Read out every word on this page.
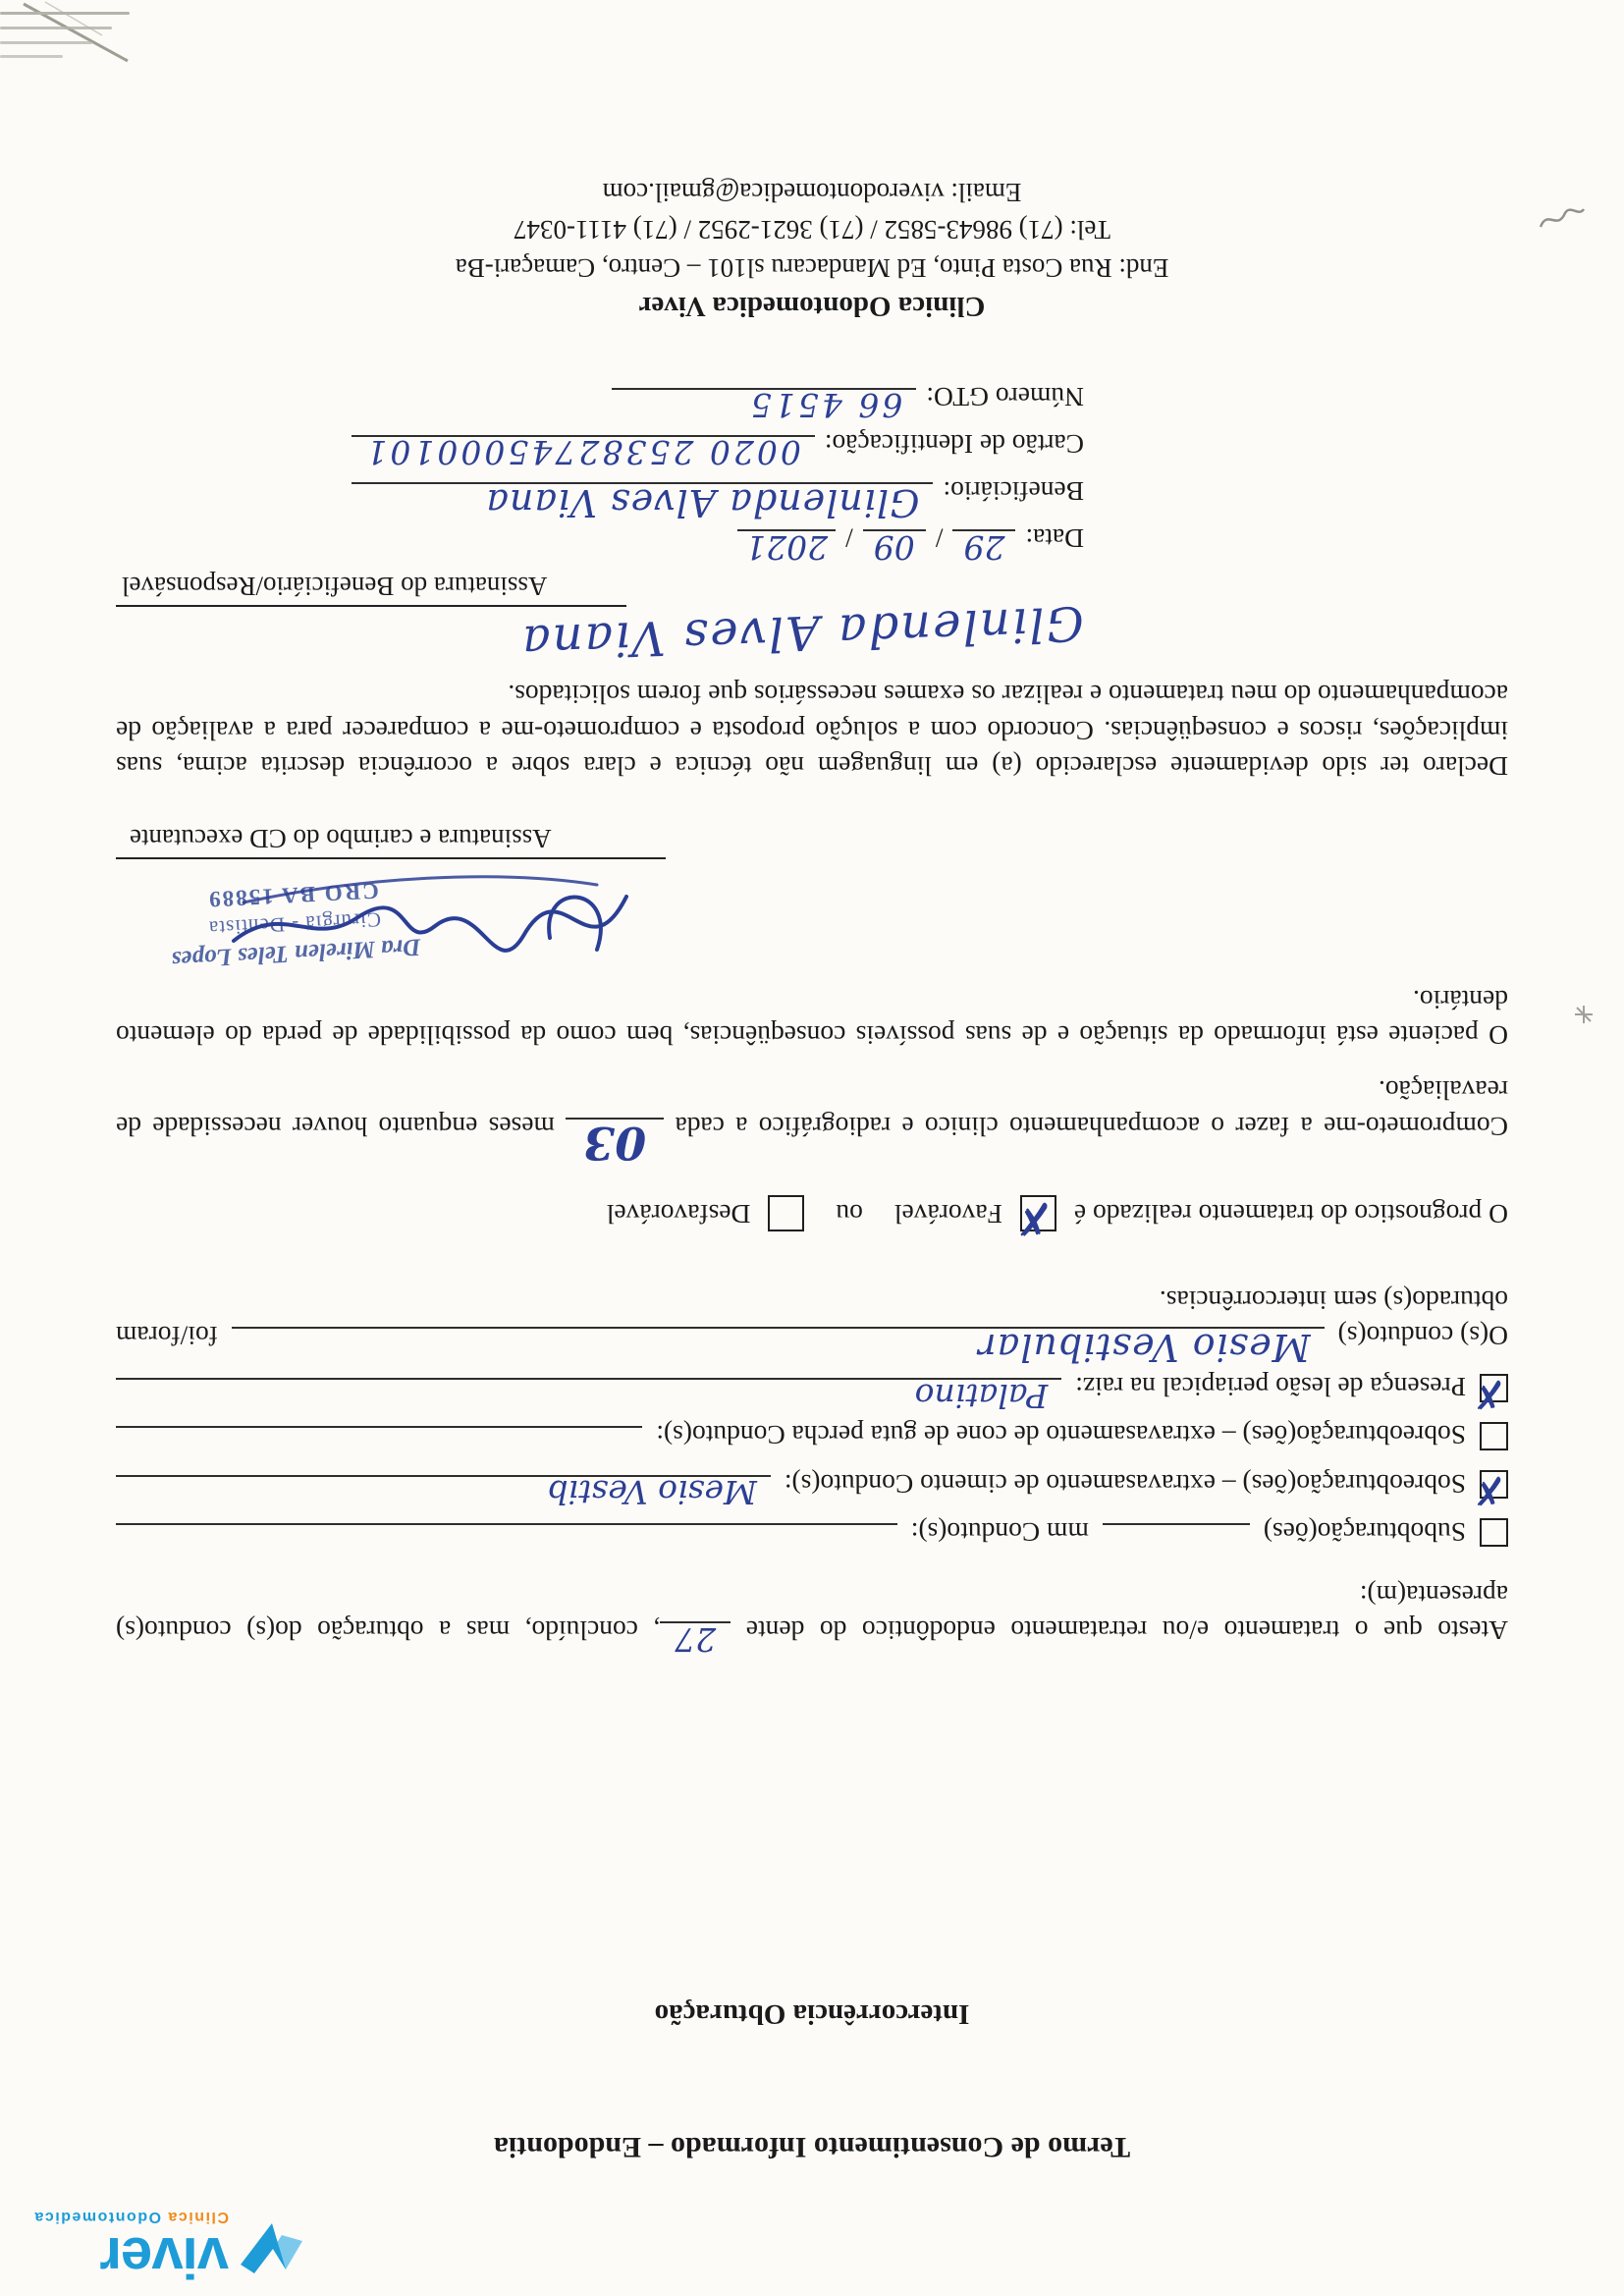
viver
Clinica Odontomedica
Termo de Consentimento Informado – Endodontia
Intercorrência Obturação

Atesto que o tratamento e/ou retratamento endodôntico do dente
27
, concluído, mas a obturação do(s) conduto(s) apresenta(m):

Subobturação(ões)
mm Conduto(s):
✗
Sobreobturação(ões) – extravasamento de cimento Conduto(s):
Mesio Vestib
Sobreobturação(ões) – extravasamento de cone de guta percha Conduto(s):
✗
Presença de lesão periapical na raiz:
Palatino
O(s) conduto(s)
Mesio Vestibular
foi/foram

obturado(s) sem intercorrências.

O prognostico do tratamento realizado é
✗
Favorável
ou
Desfavorável

Comprometo-me a fazer o acompanhamento clinico e radiográfico a cada
03
meses enquanto houver necessidade de reavaliação.

O paciente está informado da situação e de suas possíveis conseqüências, bem como da possibilidade de perda do elemento dentário.

Dra Mirelen Teles Lopes
Cirurgiã - Dentista
CRO BA 15889
Assinatura e carimbo do CD executante

Declaro ter sido devidamente esclarecido (a) em linguagem não técnica e clara sobre a ocorrência descrita acima, suas implicações, riscos e conseqüências. Concordo com a solução proposta e comprometo-me a comparecer para a avaliação de acompanhamento do meu tratamento e realizar os exames necessários que forem solicitados.

Glinlenda Alves Viana
Assinatura do Beneficiário/Responsável
Data:
29
/
09
/
2021
Beneficiário:
Glinlenda Alves Viana
Cartão de Identificação:
0020 25382745000101
Número GTO:
66 4515
Clinica Odontomedica Viver
End: Rua Costa Pinto, Ed Mandacaru sl101 – Centro, Camaçari-Ba
Tel: (71) 98643-5852 / (71) 3621-2952 / (71) 4111-0347
Email: viverodontomedica@gmail.com
